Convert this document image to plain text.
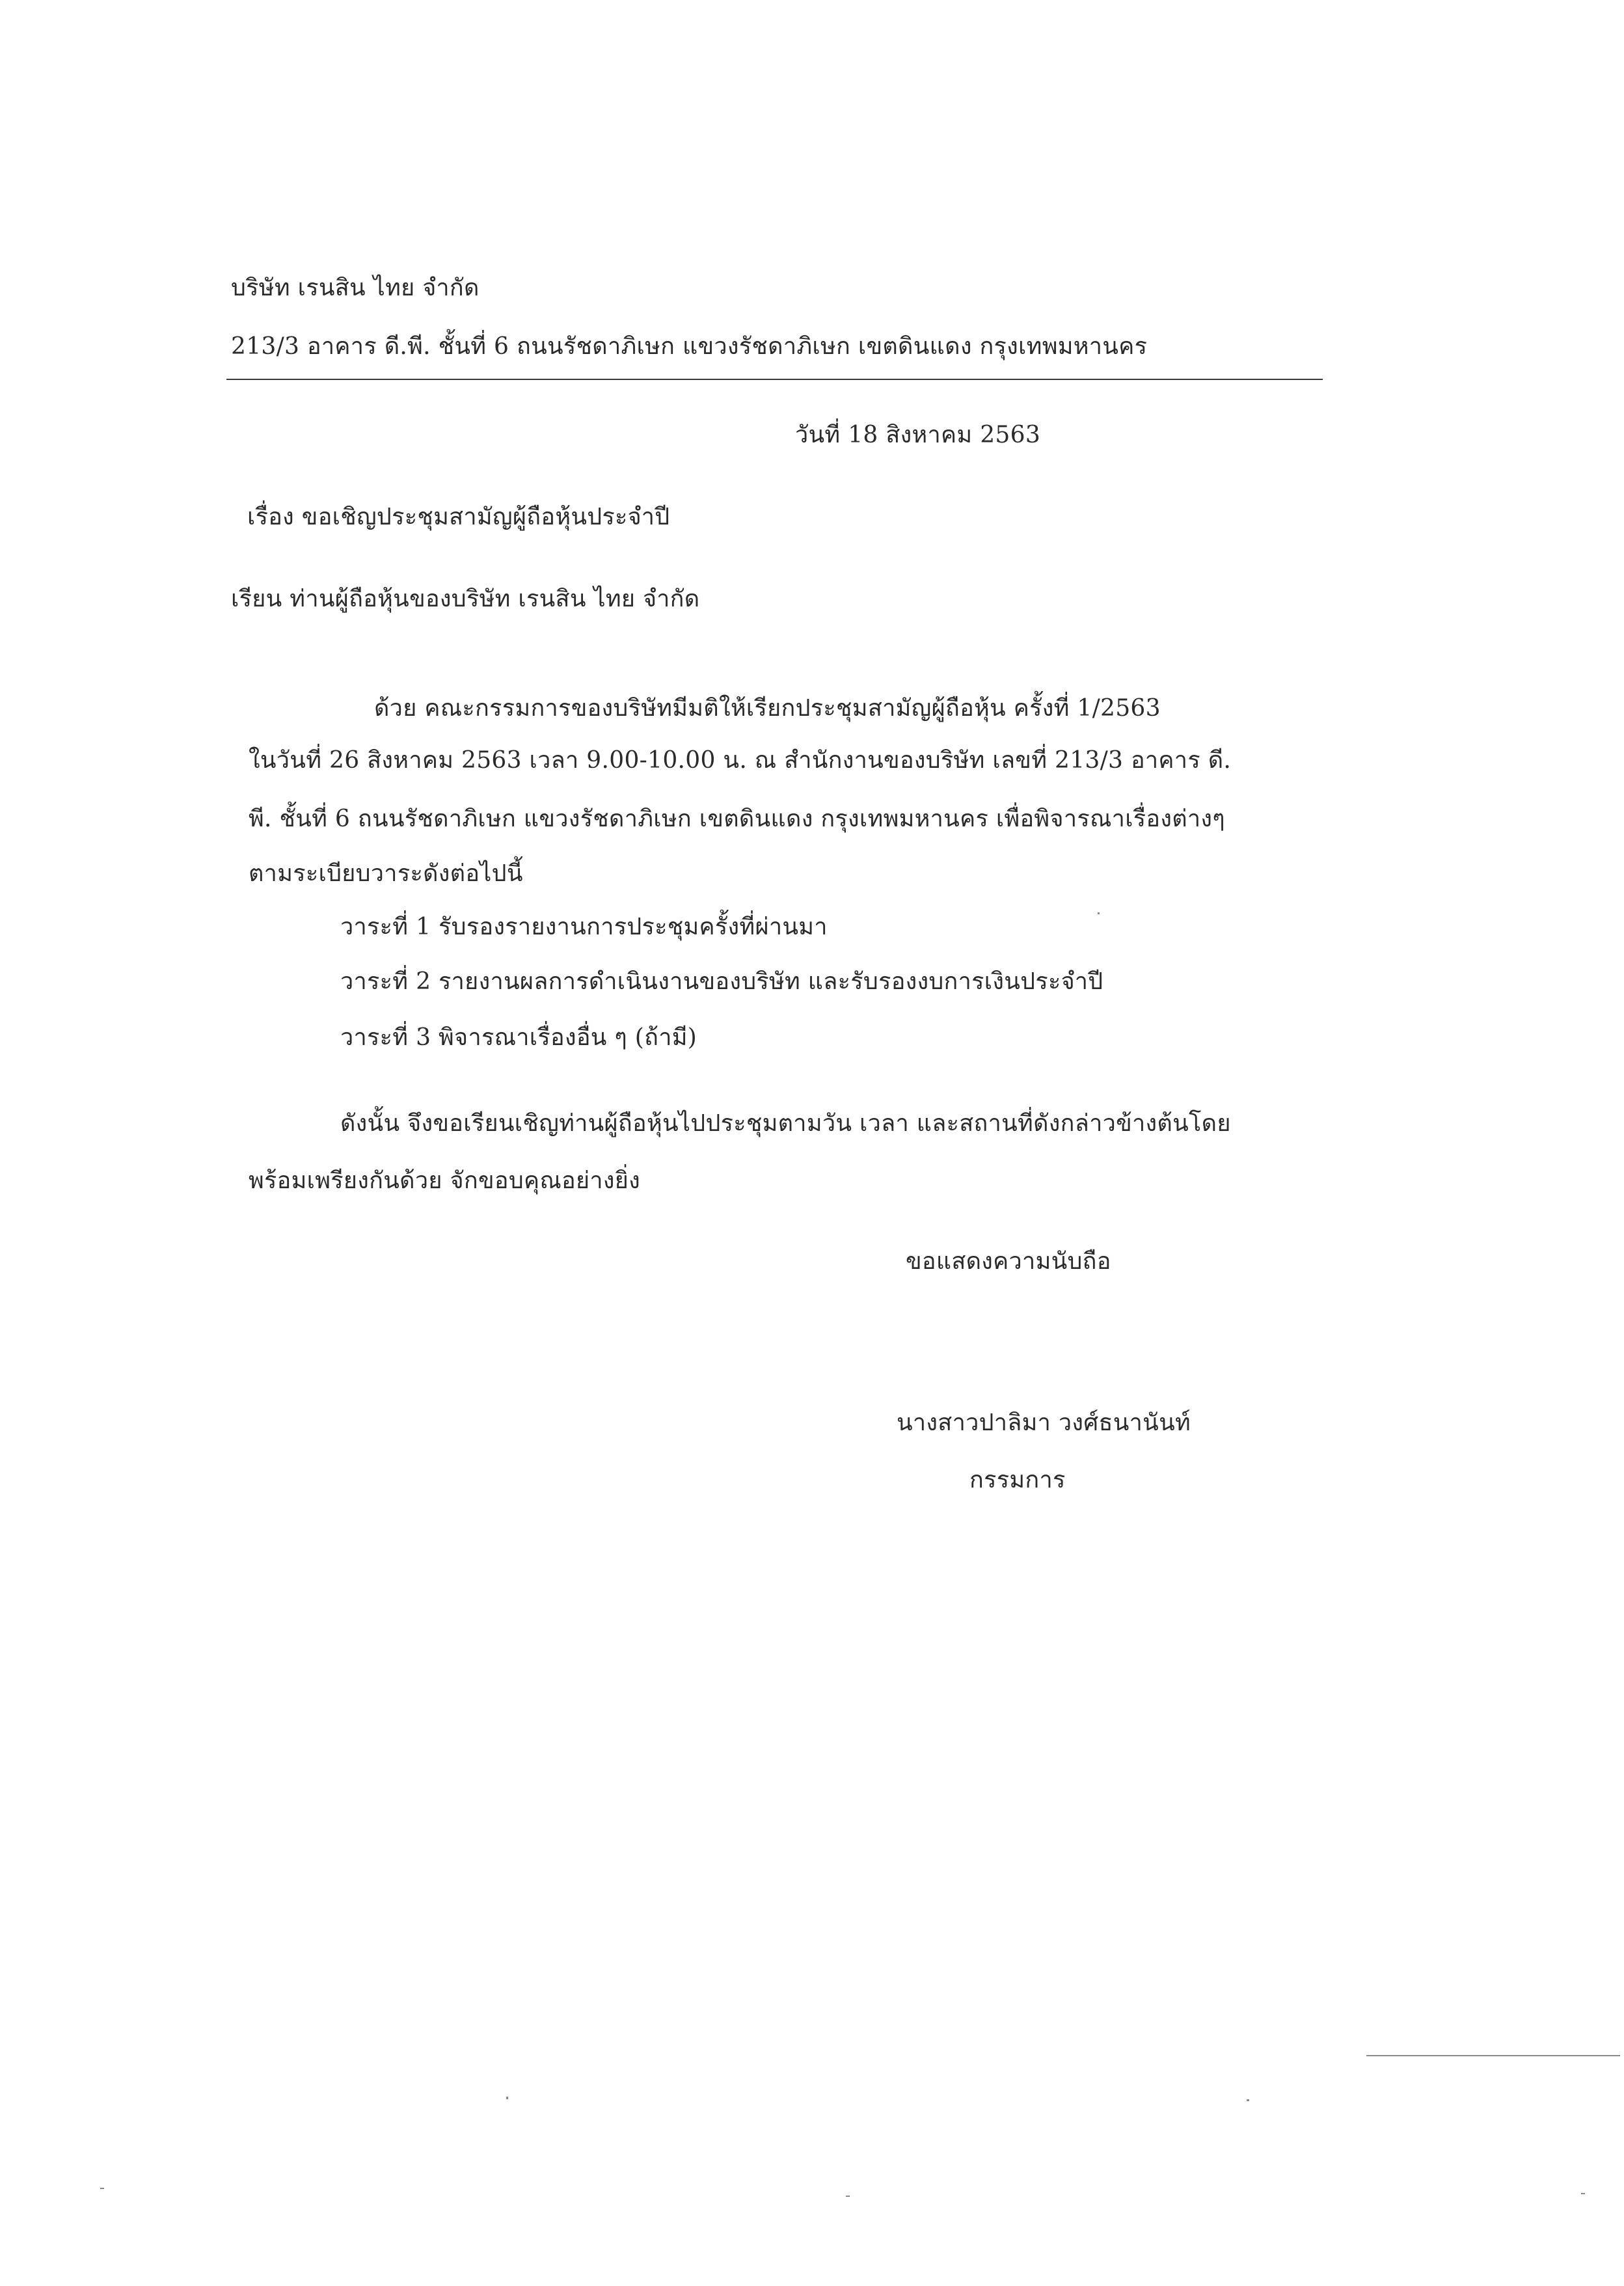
บริษัท เรนสิน ไทย จำกัด
213/3 อาคาร ดี.พี. ชั้นที่ 6 ถนนรัชดาภิเษก แขวงรัชดาภิเษก เขตดินแดง กรุงเทพมหานคร
วันที่ 18 สิงหาคม 2563
เรื่อง ขอเชิญประชุมสามัญผู้ถือหุ้นประจำปี
เรียน ท่านผู้ถือหุ้นของบริษัท เรนสิน ไทย จำกัด
ด้วย คณะกรรมการของบริษัทมีมติให้เรียกประชุมสามัญผู้ถือหุ้น ครั้งที่ 1/2563
ในวันที่ 26 สิงหาคม 2563 เวลา 9.00-10.00 น. ณ สำนักงานของบริษัท เลขที่ 213/3 อาคาร ดี.
พี. ชั้นที่ 6 ถนนรัชดาภิเษก แขวงรัชดาภิเษก เขตดินแดง กรุงเทพมหานคร เพื่อพิจารณาเรื่องต่างๆ
ตามระเบียบวาระดังต่อไปนี้
วาระที่ 1 รับรองรายงานการประชุมครั้งที่ผ่านมา
วาระที่ 2 รายงานผลการดำเนินงานของบริษัท และรับรองงบการเงินประจำปี
วาระที่ 3 พิจารณาเรื่องอื่น ๆ (ถ้ามี)
ดังนั้น จึงขอเรียนเชิญท่านผู้ถือหุ้นไปประชุมตามวัน เวลา และสถานที่ดังกล่าวข้างต้นโดย
พร้อมเพรียงกันด้วย จักขอบคุณอย่างยิ่ง
ขอแสดงความนับถือ
นางสาวปาลิมา วงศ์ธนานันท์
กรรมการ
